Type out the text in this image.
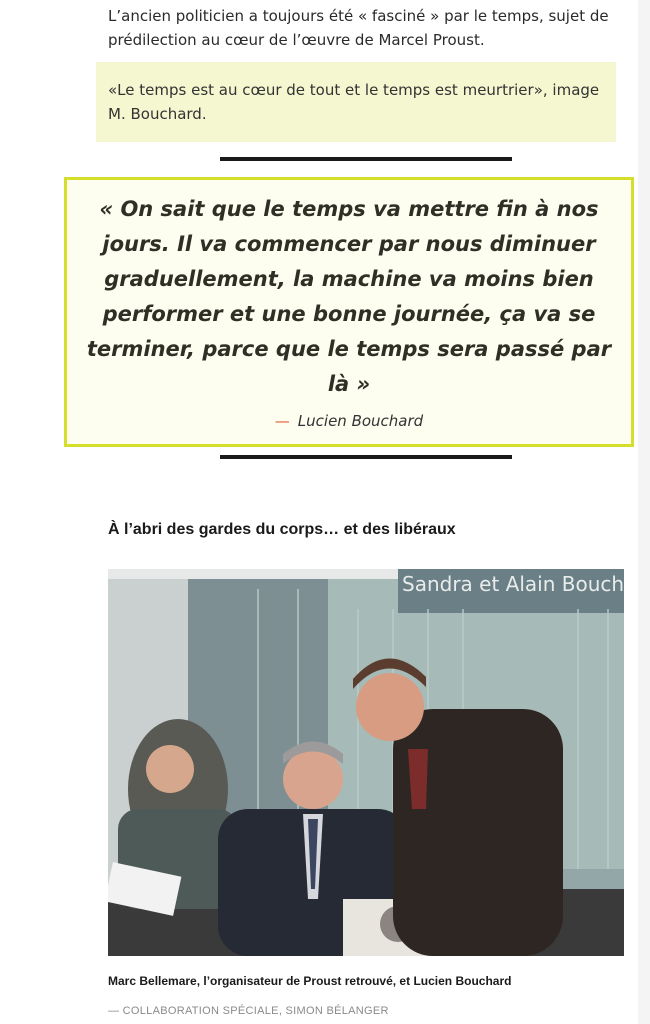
L’ancien politicien a toujours été « fasciné » par le temps, sujet de prédilection au cœur de l’œuvre de Marcel Proust.

«Le temps est au cœur de tout et le temps est meurtrier», image M. Bouchard.

« On sait que le temps va mettre fin à nos jours. Il va commencer par nous diminuer graduellement, la machine va moins bien performer et une bonne journée, ça va se terminer, parce que le temps sera passé par là »

— Lucien Bouchard
À l’abri des gardes du corps… et des libéraux
Sandra et Alain Bouch

Marc Bellemare, l’organisateur de Proust retrouvé, et Lucien Bouchard

— COLLABORATION SPÉCIALE, SIMON BÉLANGER
